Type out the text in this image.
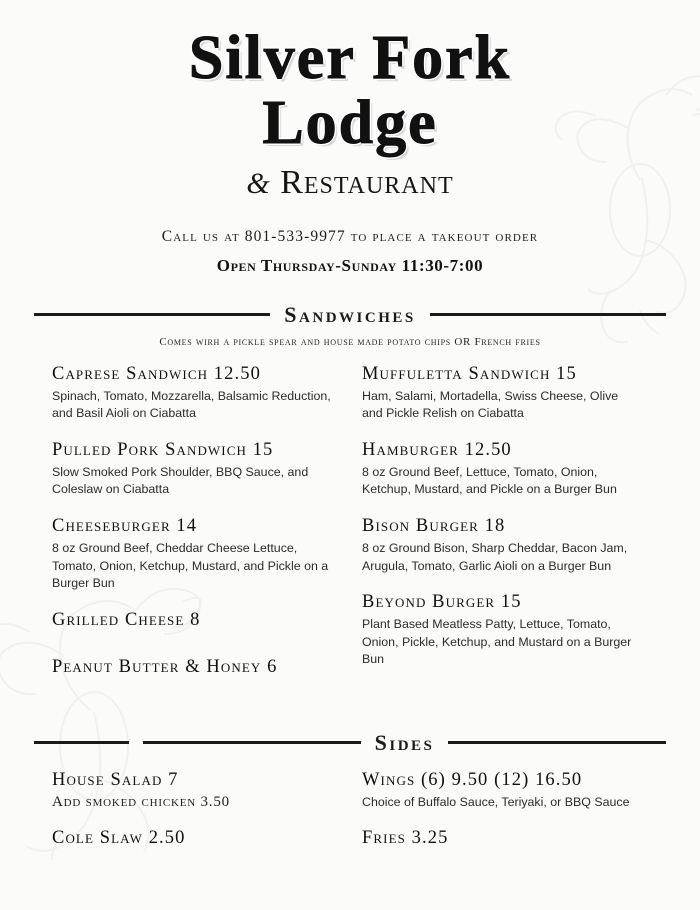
Silver Fork
Lodge
& Restaurant
Call us at 801-533-9977 to place a takeout order
Open Thursday-Sunday 11:30-7:00
Sandwiches
Comes wirh a pickle spear and house made potato chips OR French fries
Caprese Sandwich 12.50
Spinach, Tomato, Mozzarella, Balsamic Reduction, and Basil Aioli on Ciabatta
Pulled Pork Sandwich 15
Slow Smoked Pork Shoulder, BBQ Sauce, and Coleslaw on Ciabatta
Cheeseburger 14
8 oz Ground Beef, Cheddar Cheese Lettuce, Tomato, Onion, Ketchup, Mustard, and Pickle on a Burger Bun
Grilled Cheese 8
Peanut Butter & Honey 6
Muffuletta Sandwich 15
Ham, Salami, Mortadella, Swiss Cheese, Olive and Pickle Relish on Ciabatta
Hamburger 12.50
8 oz Ground Beef, Lettuce, Tomato, Onion, Ketchup, Mustard, and Pickle on a Burger Bun
Bison Burger 18
8 oz Ground Bison, Sharp Cheddar, Bacon Jam, Arugula, Tomato, Garlic Aioli on a Burger Bun
Beyond Burger 15
Plant Based Meatless Patty, Lettuce, Tomato, Onion, Pickle, Ketchup, and Mustard on a Burger Bun
Sides
House Salad 7
Add smoked chicken 3.50
Cole Slaw 2.50
Wings (6) 9.50 (12) 16.50
Choice of Buffalo Sauce, Teriyaki, or BBQ Sauce
Fries 3.25
